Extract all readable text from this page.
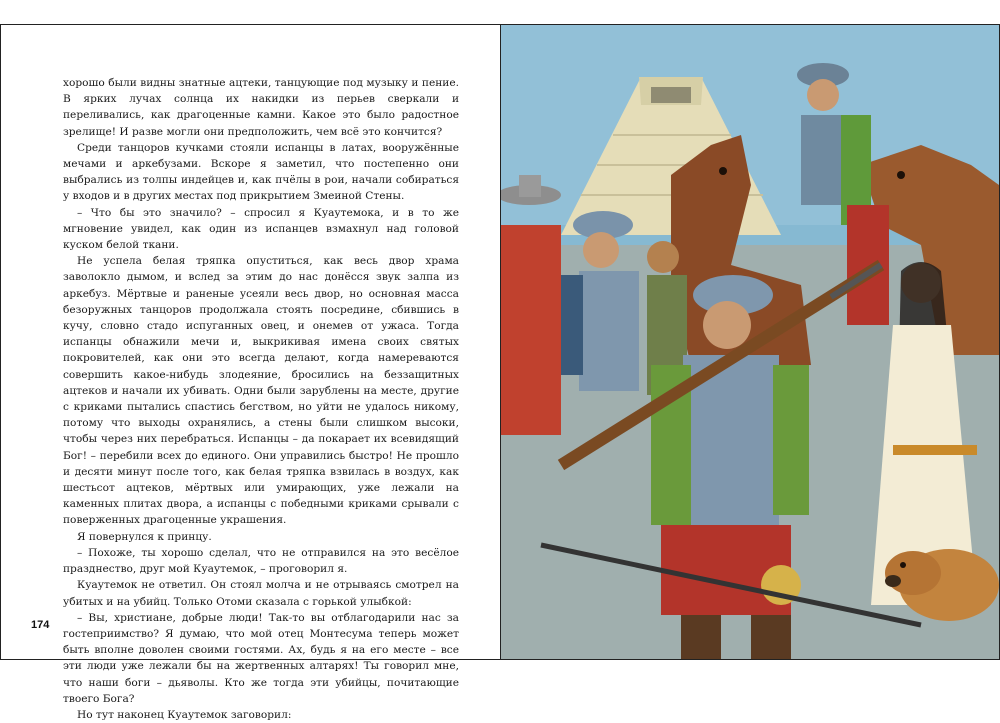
хорошо были видны знатные ацтеки, танцующие под музыку и пение. В ярких лучах солнца их накидки из перьев сверкали и переливались, как драгоценные камни. Какое это было радостное зрелище! И разве могли они предположить, чем всё это кончится?

Среди танцоров кучками стояли испанцы в латах, вооружённые мечами и аркебузами. Вскоре я заметил, что постепенно они выбрались из толпы индейцев и, как пчёлы в рои, начали собираться у входов и в других местах под прикрытием Змеиной Стены.

– Что бы это значило? – спросил я Куаутемока, и в то же мгновение увидел, как один из испанцев взмахнул над головой куском белой ткани.

Не успела белая тряпка опуститься, как весь двор храма заволокло дымом, и вслед за этим до нас донёсся звук залпа из аркебуз. Мёртвые и раненые усеяли весь двор, но основная масса безоружных танцоров продолжала стоять посредине, сбившись в кучу, словно стадо испуганных овец, и онемев от ужаса. Тогда испанцы обнажили мечи и, выкрикивая имена своих святых покровителей, как они это всегда делают, когда намереваются совершить какое-нибудь злодеяние, бросились на беззащитных ацтеков и начали их убивать. Одни были зарублены на месте, другие с криками пытались спастись бегством, но уйти не удалось никому, потому что выходы охранялись, а стены были слишком высоки, чтобы через них перебраться. Испанцы – да покарает их всевидящий Бог! – перебили всех до единого. Они управились быстро! Не прошло и десяти минут после того, как белая тряпка взвилась в воздух, как шестьсот ацтеков, мёртвых или умирающих, уже лежали на каменных плитах двора, а испанцы с победными криками срывали с поверженных драгоценные украшения.

Я повернулся к принцу.

– Похоже, ты хорошо сделал, что не отправился на это весёлое празднество, друг мой Куаутемок, – проговорил я.

Куаутемок не ответил. Он стоял молча и не отрываясь смотрел на убитых и на убийц. Только Отоми сказала с горькой улыбкой:

– Вы, христиане, добрые люди! Так-то вы отблагодарили нас за гостеприимство? Я думаю, что мой отец Монтесума теперь может быть вполне доволен своими гостями. Ах, будь я на его месте – все эти люди уже лежали бы на жертвенных алтарях! Ты говорил мне, что наши боги – дьяволы. Кто же тогда эти убийцы, почитающие твоего Бога?

Но тут наконец Куаутемок заговорил:

174
